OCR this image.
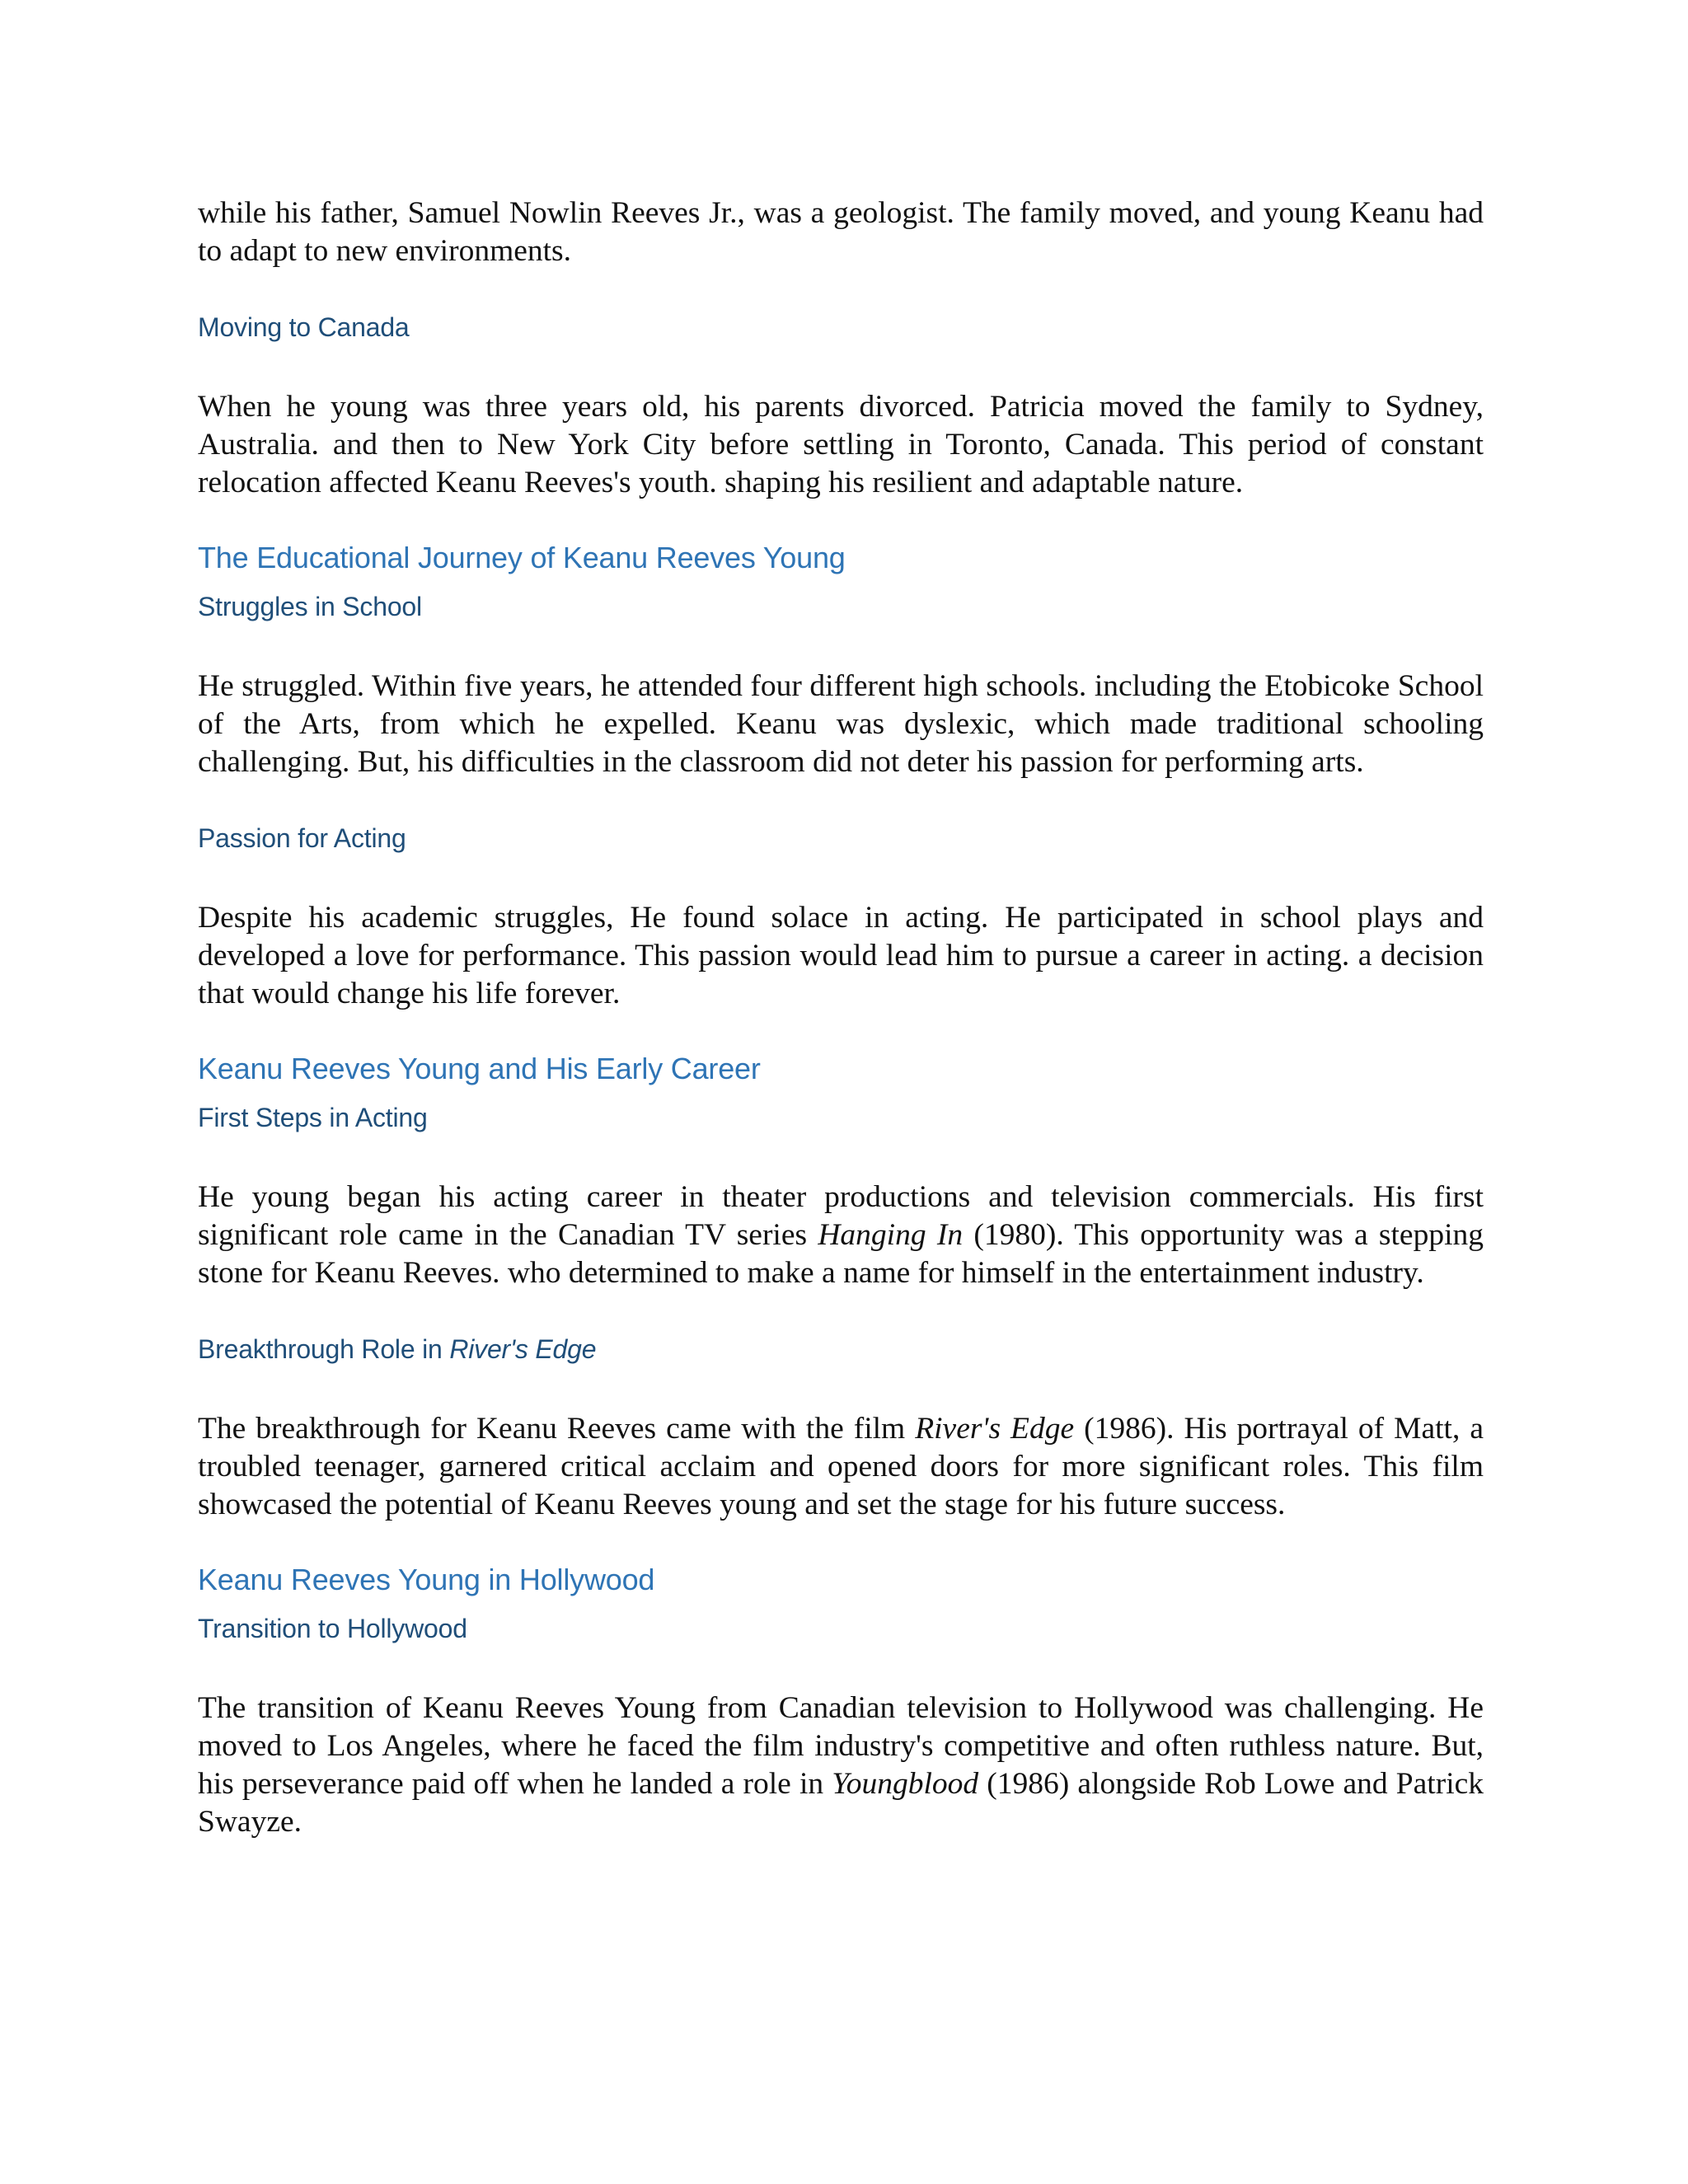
while his father, Samuel Nowlin Reeves Jr., was a geologist. The family moved, and young Keanu had to adapt to new environments.

Moving to Canada

When he young was three years old, his parents divorced. Patricia moved the family to Sydney, Australia. and then to New York City before settling in Toronto, Canada. This period of constant relocation affected Keanu Reeves's youth. shaping his resilient and adaptable nature.

The Educational Journey of Keanu Reeves Young
Struggles in School

He struggled. Within five years, he attended four different high schools. including the Etobicoke School of the Arts, from which he expelled. Keanu was dyslexic, which made traditional schooling challenging. But, his difficulties in the classroom did not deter his passion for performing arts.

Passion for Acting

Despite his academic struggles, He found solace in acting. He participated in school plays and developed a love for performance. This passion would lead him to pursue a career in acting. a decision that would change his life forever.

Keanu Reeves Young and His Early Career
First Steps in Acting

He young began his acting career in theater productions and television commercials. His first significant role came in the Canadian TV series Hanging In (1980). This opportunity was a stepping stone for Keanu Reeves. who determined to make a name for himself in the entertainment industry.

Breakthrough Role in River's Edge

The breakthrough for Keanu Reeves came with the film River's Edge (1986). His portrayal of Matt, a troubled teenager, garnered critical acclaim and opened doors for more significant roles. This film showcased the potential of Keanu Reeves young and set the stage for his future success.

Keanu Reeves Young in Hollywood
Transition to Hollywood

The transition of Keanu Reeves Young from Canadian television to Hollywood was challenging. He moved to Los Angeles, where he faced the film industry's competitive and often ruthless nature. But, his perseverance paid off when he landed a role in Youngblood (1986) alongside Rob Lowe and Patrick Swayze.
